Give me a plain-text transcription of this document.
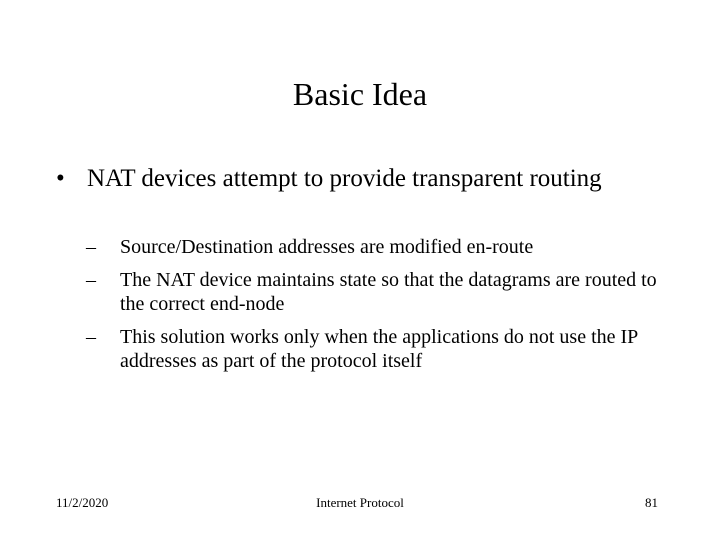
Basic Idea
• NAT devices attempt to provide transparent routing
– Source/Destination addresses are modified en-route
– The NAT device maintains state so that the datagrams are routed to the correct end-node
– This solution works only when the applications do not use the IP addresses as part of the protocol itself
11/2/2020	Internet Protocol	81
